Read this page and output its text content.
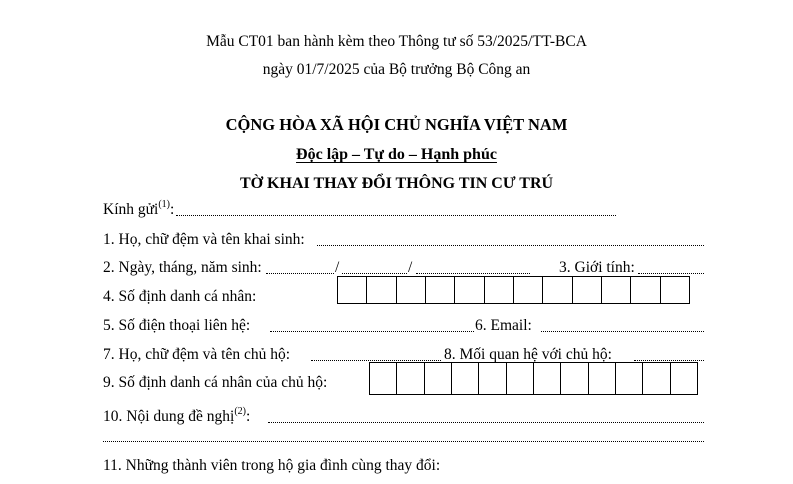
Mẫu CT01 ban hành kèm theo Thông tư số 53/2025/TT-BCA
ngày 01/7/2025 của Bộ trưởng Bộ Công an
CỘNG HÒA XÃ HỘI CHỦ NGHĨA VIỆT NAM
Độc lập – Tự do – Hạnh phúc
TỜ KHAI THAY ĐỔI THÔNG TIN CƯ TRÚ
Kính gửi$^{(1)}$:
1. Họ, chữ đệm và tên khai sinh:
2. Ngày, tháng, năm sinh:	/	/	3. Giới tính:
4. Số định danh cá nhân:
5. Số điện thoại liên hệ:	6. Email:
7. Họ, chữ đệm và tên chủ hộ:	8. Mối quan hệ với chủ hộ:
9. Số định danh cá nhân của chủ hộ:
10. Nội dung đề nghị$^{(2)}$:
11. Những thành viên trong hộ gia đình cùng thay đổi:
